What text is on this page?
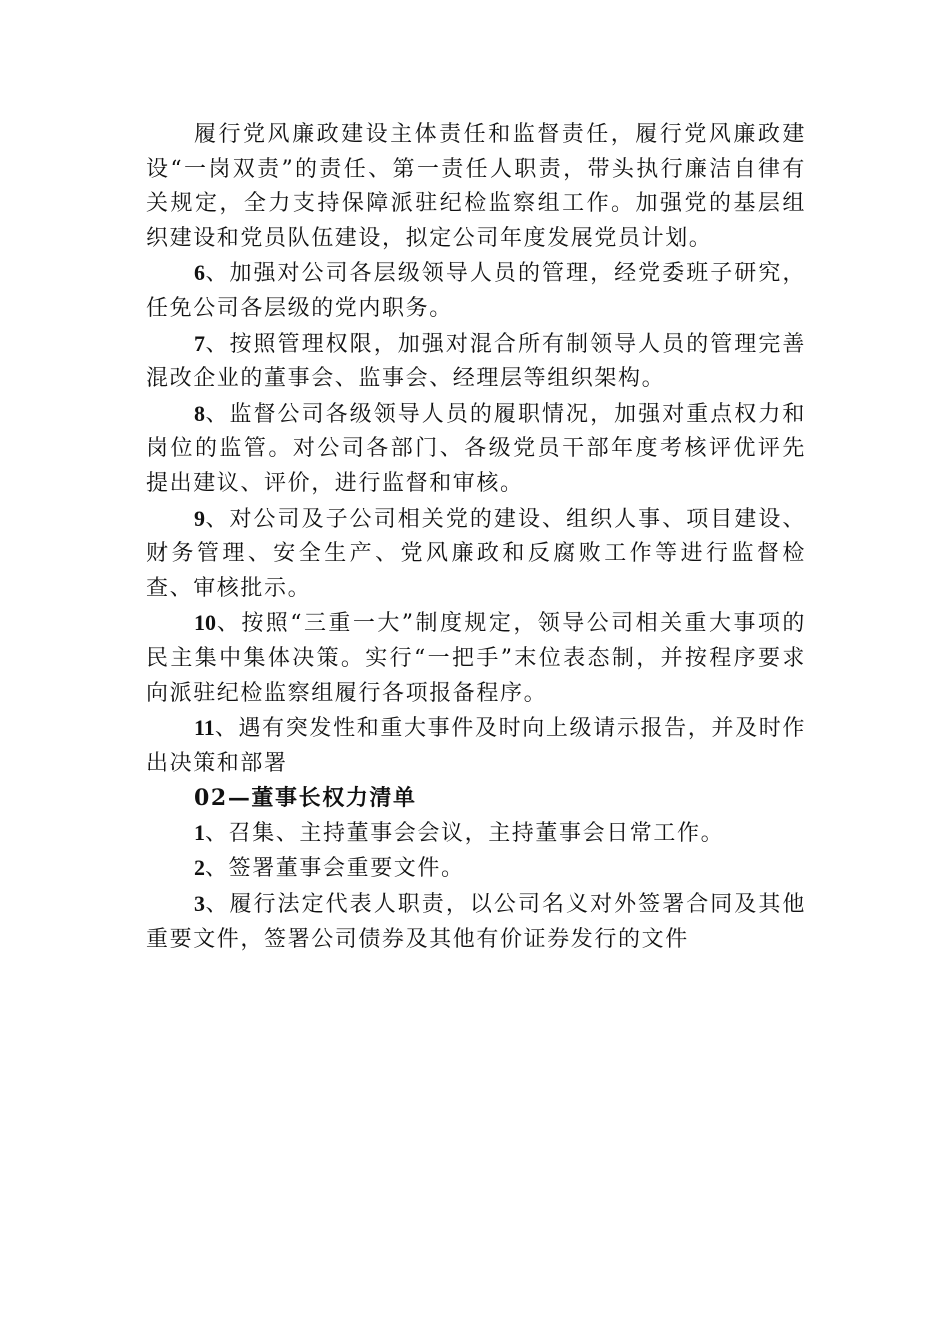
履行党风廉政建设主体责任和监督责任，履行党风廉政建设“一岗双责”的责任、第一责任人职责，带头执行廉洁自律有关规定，全力支持保障派驻纪检监察组工作。加强党的基层组织建设和党员队伍建设，拟定公司年度发展党员计划。

6、加强对公司各层级领导人员的管理，经党委班子研究，任免公司各层级的党内职务。

7、按照管理权限，加强对混合所有制领导人员的管理完善混改企业的董事会、监事会、经理层等组织架构。

8、监督公司各级领导人员的履职情况，加强对重点权力和岗位的监管。对公司各部门、各级党员干部年度考核评优评先提出建议、评价，进行监督和审核。

9、对公司及子公司相关党的建设、组织人事、项目建设、财务管理、安全生产、党风廉政和反腐败工作等进行监督检查、审核批示。

10、按照“三重一大”制度规定，领导公司相关重大事项的民主集中集体决策。实行“一把手”末位表态制，并按程序要求向派驻纪检监察组履行各项报备程序。

11、遇有突发性和重大事件及时向上级请示报告，并及时作出决策和部署

02—董事长权力清单

1、召集、主持董事会会议，主持董事会日常工作。

2、签署董事会重要文件。

3、履行法定代表人职责，以公司名义对外签署合同及其他重要文件，签署公司债券及其他有价证券发行的文件
